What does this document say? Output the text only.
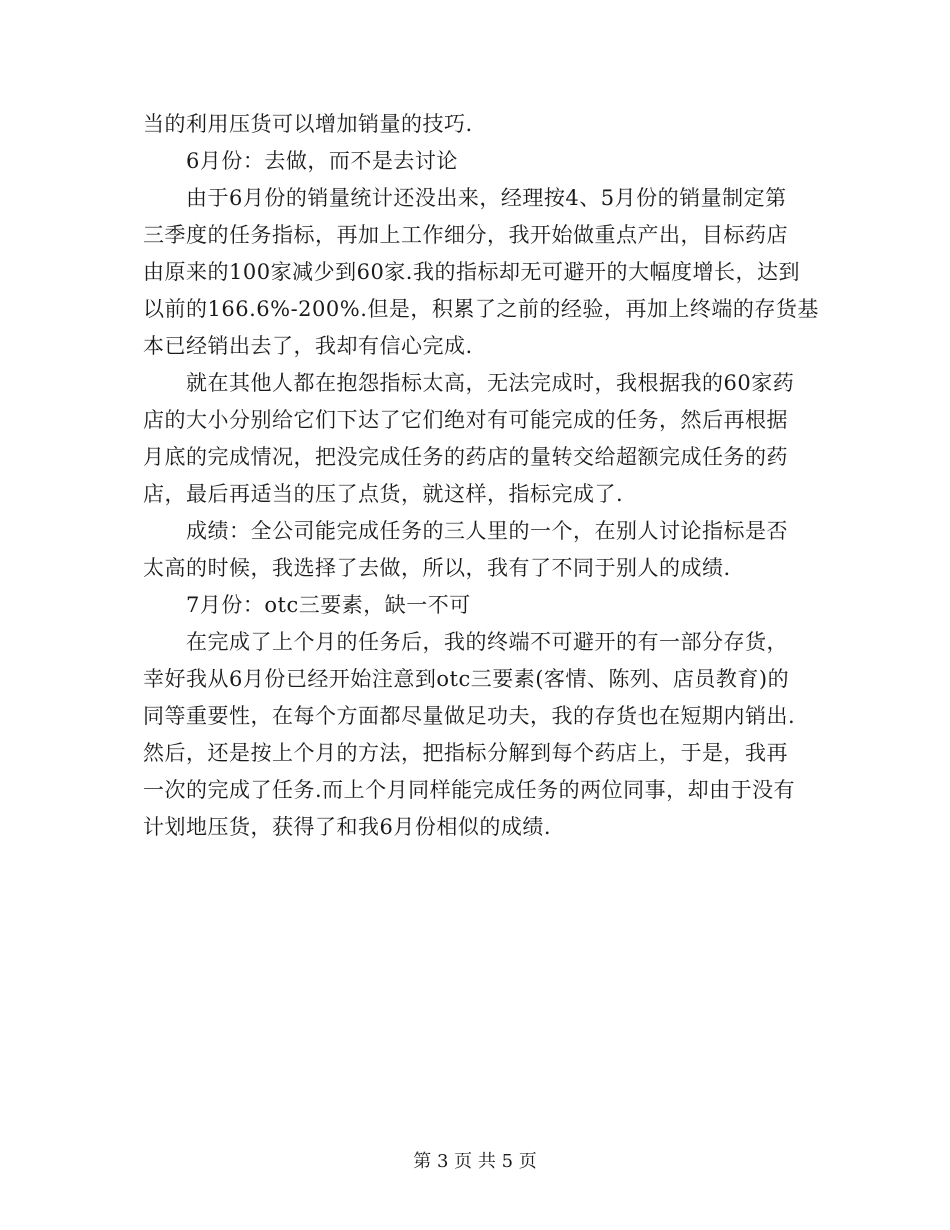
当的利用压货可以增加销量的技巧.
6月份：去做，而不是去讨论
由于6月份的销量统计还没出来，经理按4、5月份的销量制定第
三季度的任务指标，再加上工作细分，我开始做重点产出，目标药店
由原来的100家减少到60家.我的指标却无可避开的大幅度增长，达到
以前的166.6%-200%.但是，积累了之前的经验，再加上终端的存货基
本已经销出去了，我却有信心完成.
就在其他人都在抱怨指标太高，无法完成时，我根据我的60家药
店的大小分别给它们下达了它们绝对有可能完成的任务，然后再根据
月底的完成情况，把没完成任务的药店的量转交给超额完成任务的药
店，最后再适当的压了点货，就这样，指标完成了.
成绩：全公司能完成任务的三人里的一个，在别人讨论指标是否
太高的时候，我选择了去做，所以，我有了不同于别人的成绩.
7月份：otc三要素，缺一不可
在完成了上个月的任务后，我的终端不可避开的有一部分存货，
幸好我从6月份已经开始注意到otc三要素(客情、陈列、店员教育)的
同等重要性，在每个方面都尽量做足功夫，我的存货也在短期内销出.
然后，还是按上个月的方法，把指标分解到每个药店上，于是，我再
一次的完成了任务.而上个月同样能完成任务的两位同事，却由于没有
计划地压货，获得了和我6月份相似的成绩.
第 3 页 共 5 页
